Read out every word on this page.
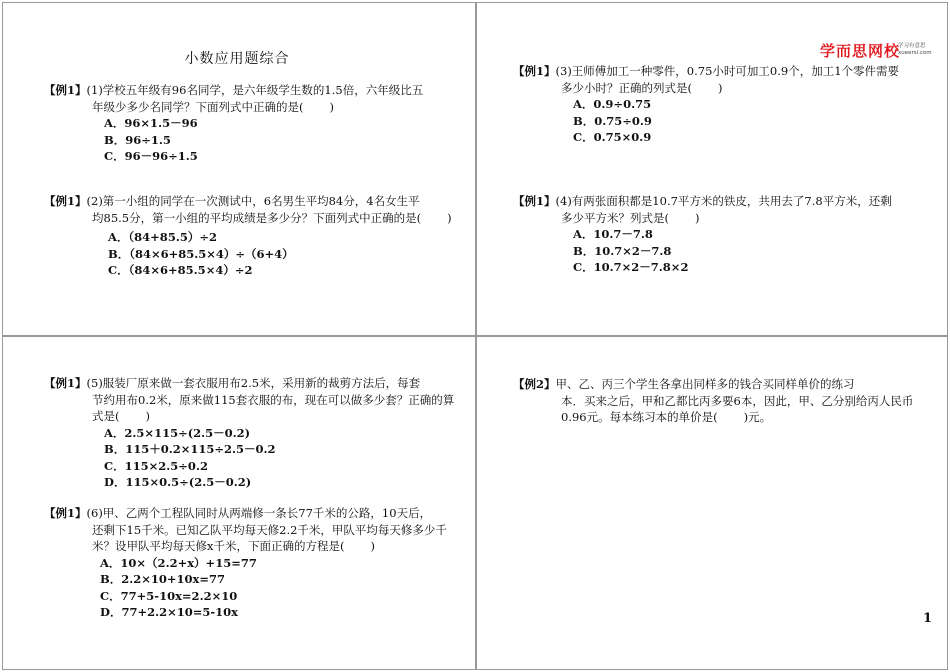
小数应用题综合	学而思网校
学习有意思
xueersi.com

【例1】(1)学校五年级有96名同学，是六年级学生数的1.5倍，六年级比五
年级少多少名同学？下面列式中正确的是( )

A．96×1.5－96
B．96÷1.5
C．96－96÷1.5

【例1】(2)第一小组的同学在一次测试中，6名男生平均84分，4名女生平
均85.5分，第一小组的平均成绩是多少分？下面列式中正确的是( )

A．（84+85.5）÷2
B．（84×6+85.5×4）÷（6+4）
C．（84×6+85.5×4）÷2

【例1】(3)王师傅加工一种零件，0.75小时可加工0.9个，加工1个零件需要
多少小时？正确的列式是( )

A．0.9÷0.75
B．0.75÷0.9
C．0.75×0.9

【例1】(4)有两张面积都是10.7平方米的铁皮，共用去了7.8平方米，还剩
多少平方米？列式是( )

A．10.7－7.8
B．10.7×2－7.8
C．10.7×2－7.8×2

【例1】(5)服装厂原来做一套衣服用布2.5米，采用新的裁剪方法后，每套
节约用布0.2米，原来做115套衣服的布，现在可以做多少套？正确的算式是( )

A．2.5×115÷(2.5－0.2)
B．115＋0.2×115÷2.5－0.2
C．115×2.5÷0.2
D．115×0.5÷(2.5－0.2)

【例1】(6)甲、乙两个工程队同时从两端修一条长77千米的公路，10天后，
还剩下15千米。已知乙队平均每天修2.2千米，甲队平均每天修多少千米？设甲队平均每天修x千米，下面正确的方程是( )

A．10×（2.2+x）+15=77
B．2.2×10+10x=77
C．77+5-10x=2.2×10
D．77+2.2×10=5-10x

【例2】甲、乙、丙三个学生各拿出同样多的钱合买同样单价的练习
本．买来之后，甲和乙都比丙多要6本，因此，甲、乙分别给丙人民币0.96元。每本练习本的单价是( )元。

1
